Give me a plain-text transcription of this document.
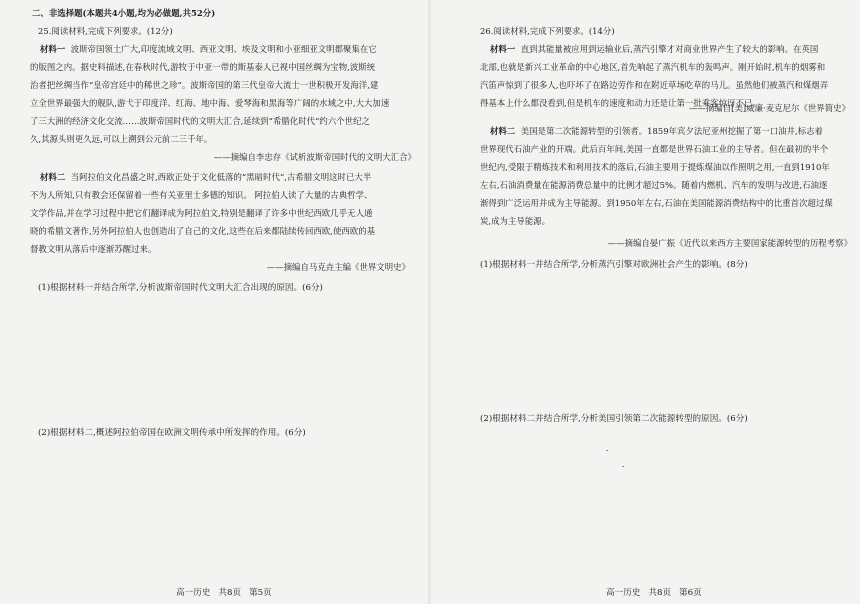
二、非选择题(本题共4小题,均为必做题,共52分)

25.阅读材料,完成下列要求。(12分)

材料一 波斯帝国领土广大,印度流域文明、西亚文明、埃及文明和小亚细亚文明都聚集在它

的版图之内。据史料描述,在春秋时代,游牧于中亚一带的斯基泰人已视中国丝绸为宝物,波斯统

治者把丝绸当作“皇帝宫廷中的稀世之珍”。波斯帝国的第三代皇帝大流士一世积极开发海洋,建

立全世界最强大的舰队,游弋于印度洋、红海、地中海、爱琴海和黑海等广阔的水域之中,大大加速

了三大洲的经济文化交流……波斯帝国时代的文明大汇合,延续到“希腊化时代”约六个世纪之

久,其源头则更久远,可以上溯到公元前二三千年。

——摘编自李忠存《试析波斯帝国时代的文明大汇合》

材料二 当阿拉伯文化昌盛之时,西欧正处于文化低落的“黑暗时代”,古希腊文明这时已大半

不为人所知,只有教会还保留着一些有关亚里士多德的知识。 阿拉伯人读了大量的古典哲学、

文学作品,并在学习过程中把它们翻译成为阿拉伯文,特别是翻译了许多中世纪西欧几乎无人通

晓的希腊文著作,另外阿拉伯人也创造出了自己的文化,这些在后来都陆续传回西欧,使西欧的基

督教文明从落后中逐渐苏醒过来。

——摘编自马克垚主编《世界文明史》

(1)根据材料一并结合所学,分析波斯帝国时代文明大汇合出现的原因。(6分)
(2)根据材料二,概述阿拉伯帝国在欧洲文明传承中所发挥的作用。(6分)
高一历史 共8页 第5页

26.阅读材料,完成下列要求。(14分)

材料一 直到其能量被应用到运输业后,蒸汽引擎才对商业世界产生了较大的影响。在英国

北部,也就是新兴工业革命的中心地区,首先响起了蒸汽机车的轰鸣声。刚开始时,机车的烟雾和

汽笛声惊到了很多人,也吓坏了在路边劳作和在附近草场吃草的马儿。虽然他们被蒸汽和煤烟弄

得基本上什么都没看到,但是机车的速度和动力还是让第一批乘客惊讶不已。

——摘编自[美]威廉·麦克尼尔《世界简史》

材料二 美国是第二次能源转型的引领者。1859年宾夕法尼亚州挖掘了第一口油井,标志着

世界现代石油产业的开端。此后百年间,美国一直都是世界石油工业的主导者。但在最初的半个

世纪内,受限于精炼技术和利用技术的落后,石油主要用于提炼煤油以作照明之用,一直到1910年

左右,石油消费量在能源消费总量中的比例才超过5%。随着内燃机、汽车的发明与改进,石油逐

渐得到广泛运用并成为主导能源。到1950年左右,石油在美国能源消费结构中的比重首次超过煤

炭,成为主导能源。

——摘编自晏广振《近代以来西方主要国家能源转型的历程考察》

(1)根据材料一并结合所学,分析蒸汽引擎对欧洲社会产生的影响。(8分)
(2)根据材料二并结合所学,分析美国引领第二次能源转型的原因。(6分)
高一历史 共8页 第6页
